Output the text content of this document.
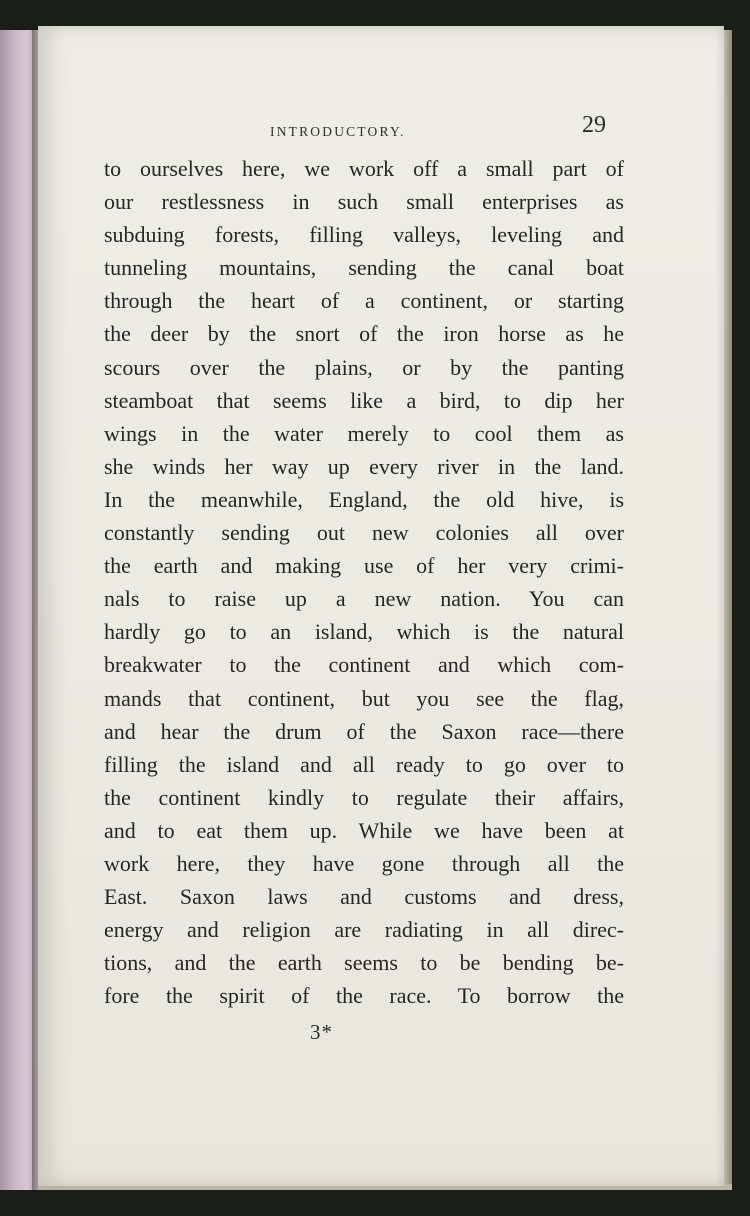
INTRODUCTORY.	29
to ourselves here, we work off a small part of
our restlessness in such small enterprises as
subduing forests, filling valleys, leveling and
tunneling mountains, sending the canal boat
through the heart of a continent, or starting
the deer by the snort of the iron horse as he
scours over the plains, or by the panting
steamboat that seems like a bird, to dip her
wings in the water merely to cool them as
she winds her way up every river in the land.
In the meanwhile, England, the old hive, is
constantly sending out new colonies all over
the earth and making use of her very crimi-
nals to raise up a new nation. You can
hardly go to an island, which is the natural
breakwater to the continent and which com-
mands that continent, but you see the flag,
and hear the drum of the Saxon race—there
filling the island and all ready to go over to
the continent kindly to regulate their affairs,
and to eat them up. While we have been at
work here, they have gone through all the
East. Saxon laws and customs and dress,
energy and religion are radiating in all direc-
tions, and the earth seems to be bending be-
fore the spirit of the race. To borrow the
3*
